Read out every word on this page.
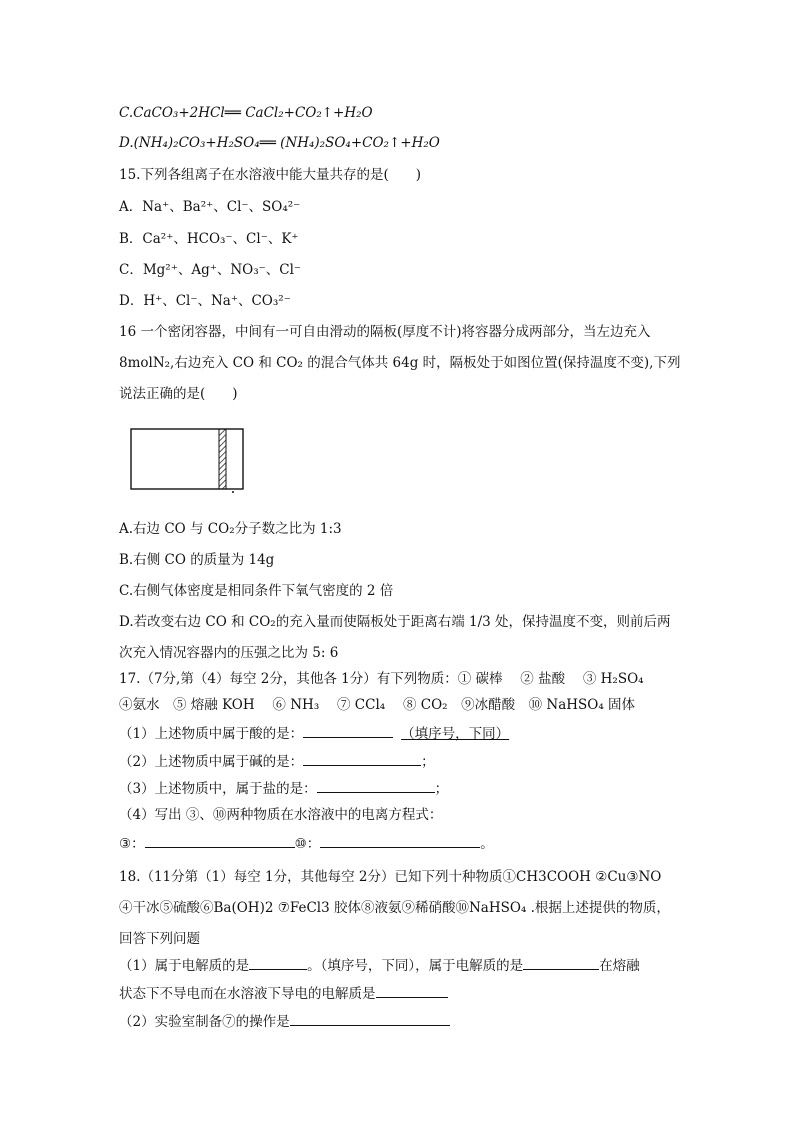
C.CaCO₃+2HCl══ CaCl₂+CO₂↑+H₂O
D.(NH₄)₂CO₃+H₂SO₄══ (NH₄)₂SO₄+CO₂↑+H₂O
15.下列各组离子在水溶液中能大量共存的是(　　)
A．Na⁺、Ba²⁺、Cl⁻、SO₄²⁻
B．Ca²⁺、HCO₃⁻、Cl⁻、K⁺
C．Mg²⁺、Ag⁺、NO₃⁻、Cl⁻
D．H⁺、Cl⁻、Na⁺、CO₃²⁻
16 一个密闭容器，中间有一可自由滑动的隔板(厚度不计)将容器分成两部分，当左边充入
8molN₂,右边充入 CO 和 CO₂ 的混合气体共 64g 时，隔板处于如图位置(保持温度不变),下列
说法正确的是(　　)
A.右边 CO 与 CO₂分子数之比为 1:3
B.右侧 CO 的质量为 14g
C.右侧气体密度是相同条件下氧气密度的 2 倍
D.若改变右边 CO 和 CO₂的充入量而使隔板处于距离右端 1/3 处，保持温度不变，则前后两
次充入情况容器内的压强之比为 5: 6
17.（7分,第（4）每空 2分，其他各 1分）有下列物质：① 碳棒　 ② 盐酸　 ③ H₂SO₄
④氨水　⑤ 熔融 KOH　 ⑥ NH₃　 ⑦ CCl₄　 ⑧ CO₂　⑨冰醋酸　⑩ NaHSO₄ 固体
（1）上述物质中属于酸的是：	（填序号，下同）
（2）上述物质中属于碱的是：	；
（3）上述物质中，属于盐的是：	；
（4）写出 ③、⑩两种物质在水溶液中的电离方程式：
③：	⑩：	。
18.（11分第（1）每空 1分，其他每空 2分）已知下列十种物质①CH3COOH ②Cu③NO
④干冰⑤硫酸⑥Ba(OH)2 ⑦FeCl3 胶体⑧液氨⑨稀硝酸⑩NaHSO₄ .根据上述提供的物质，
回答下列问题
（1）属于电解质的是	。（填序号，下同），属于电解质的是	在熔融
状态下不导电而在水溶液下导电的电解质是
（2）实验室制备⑦的操作是
